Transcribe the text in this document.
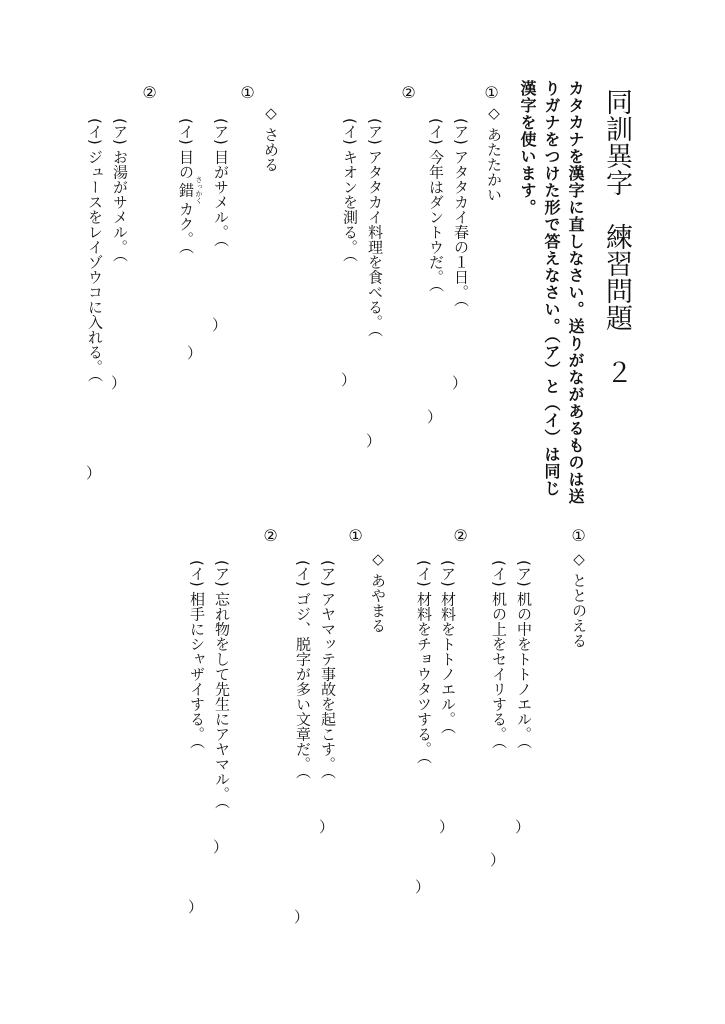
同訓異字　練習問題　２
カタカナを漢字に直しなさい。送りがながあるものは送
りガナをつけた形で答えなさい。（ア）と（イ）は同じ
漢字を使います。
①
◇ あたたかい
(ア) アタタカイ春の１日。（
）
(イ) 今年はダントウだ。（
）
②
(ア) アタタカイ料理を食べる。（
）
(イ) キオンを測る。（
）
①
◇ さめる
(ア) 目がサメル。（
）
(イ) 目の錯 さっかくカク。（
）
②
(ア) お湯がサメル。（
）
(イ) ジュースをレイゾウコに入れる。（
）
①
◇ ととのえる
(ア) 机の中をトトノエル。（
）
(イ) 机の上をセイリする。（
）
②
(ア) 材料をトトノエル。（
）
(イ) 材料をチョウタツする。（
）
①
◇ あやまる
(ア) アヤマッテ事故を起こす。（
）
(イ) ゴジ、脱字が多い文章だ。（
）
②
(ア) 忘れ物をして先生にアヤマル。（
）
(イ) 相手にシャザイする。（
）
